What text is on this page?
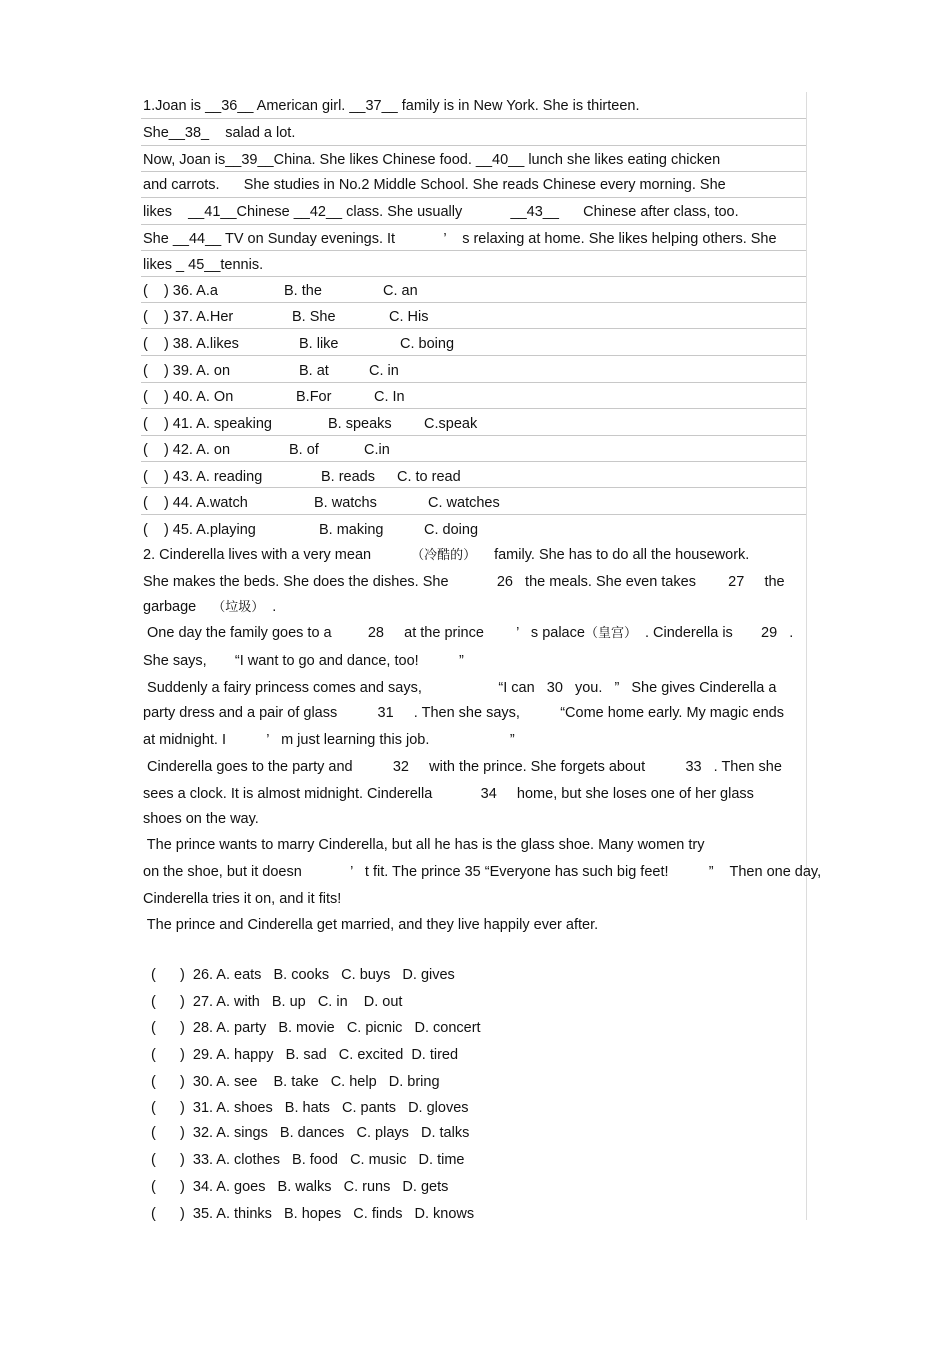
1.Joan is __36__ American girl. __37__ family is in New York. She is thirteen.
She__38_    salad a lot.
Now, Joan is__39__China. She likes Chinese food. __40__ lunch she likes eating chicken
and carrots.      She studies in No.2 Middle School. She reads Chinese every morning. She
likes    __41__Chinese __42__ class. She usually            __43__      Chinese after class, too.
She __44__ TV on Sunday evenings. It            ’    s relaxing at home. She likes helping others. She
likes _ 45__tennis.
(    ) 36. A.a	B. the	C. an
(    ) 37. A.Her	B. She	C. His
(    ) 38. A.likes	B. like	C. boing
(    ) 39. A. on	B. at	C. in
(    ) 40. A. On	B.For	C. In
(    ) 41. A. speaking	B. speaks C.speak
(    ) 42. A. on	B. of	C.in
(    ) 43. A. reading	B. reads C. to read
(    ) 44. A.watch	B. watchs	C. watches
(    ) 45. A.playing	B. making	C. doing
2. Cinderella lives with a very mean	（冷酷的） family. She has to do all the housework.
She makes the beds. She does the dishes. She            26   the meals. She even takes        27     the
garbage （垃圾） .
One day the family goes to a         28     at the prince        ’   s palace（皇宫） . Cinderella is       29   .
She says,       “I want to go and dance, too!          ”
Suddenly a fairy princess comes and says,                   “I can   30   you.   ”   She gives Cinderella a
party dress and a pair of glass          31     . Then she says,          “Come home early. My magic ends
at midnight. I          ’   m just learning this job.                    ”
Cinderella goes to the party and          32     with the prince. She forgets about          33   . Then she
sees a clock. It is almost midnight. Cinderella            34     home, but she loses one of her glass
shoes on the way.
The prince wants to marry Cinderella, but all he has is the glass shoe. Many women try
on the shoe, but it doesn            ’   t fit. The prince 35 “Everyone has such big feet!          ”    Then one day,
Cinderella tries it on, and it fits!
The prince and Cinderella get married, and they live happily ever after.
(      )  26. A. eats   B. cooks   C. buys   D. gives
(      )  27. A. with   B. up   C. in    D. out
(      )  28. A. party   B. movie   C. picnic   D. concert
(      )  29. A. happy   B. sad   C. excited  D. tired
(      )  30. A. see    B. take   C. help   D. bring
(      )  31. A. shoes   B. hats   C. pants   D. gloves
(      )  32. A. sings   B. dances   C. plays   D. talks
(      )  33. A. clothes   B. food   C. music   D. time
(      )  34. A. goes   B. walks   C. runs   D. gets
(      )  35. A. thinks   B. hopes   C. finds   D. knows
